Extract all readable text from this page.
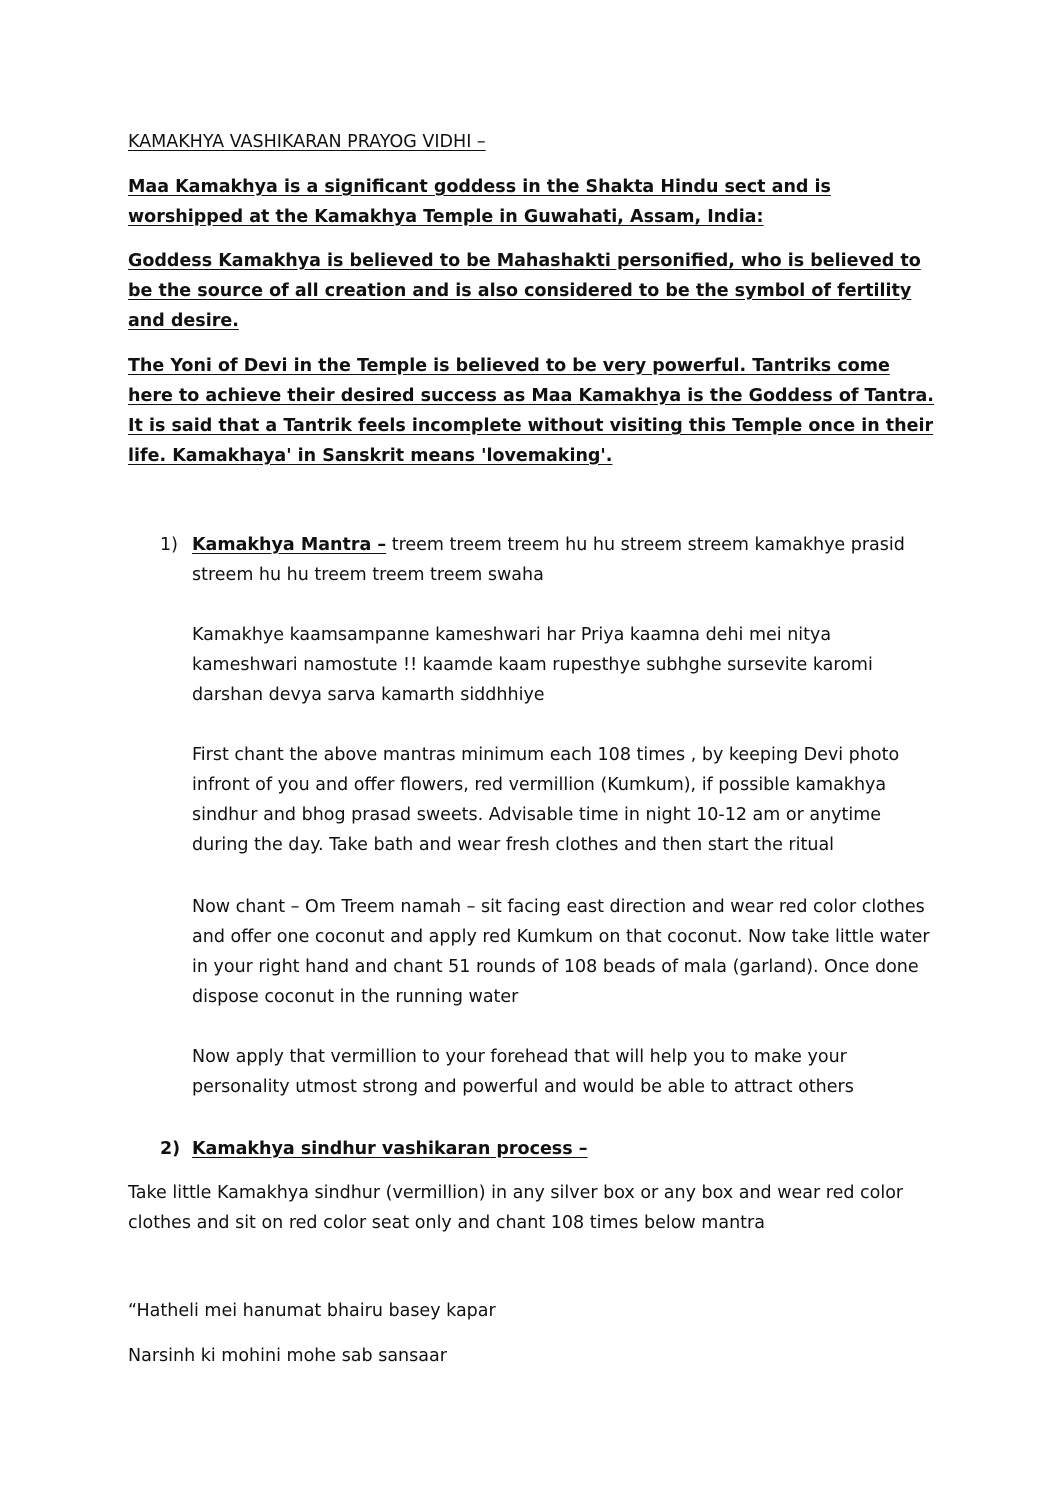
KAMAKHYA VASHIKARAN PRAYOG VIDHI –

Maa Kamakhya is a significant goddess in the Shakta Hindu sect and is worshipped at the Kamakhya Temple in Guwahati, Assam, India:

Goddess Kamakhya is believed to be Mahashakti personified, who is believed to be the source of all creation and is also considered to be the symbol of fertility and desire.

The Yoni of Devi in the Temple is believed to be very powerful. Tantriks come here to achieve their desired success as Maa Kamakhya is the Goddess of Tantra. It is said that a Tantrik feels incomplete without visiting this Temple once in their life. Kamakhaya' in Sanskrit means 'lovemaking'.

1) Kamakhya Mantra – treem treem treem hu hu streem streem kamakhye prasid streem hu hu treem treem treem swaha

Kamakhye kaamsampanne kameshwari har Priya kaamna dehi mei nitya kameshwari namostute !! kaamde kaam rupesthye subhghe sursevite karomi darshan devya sarva kamarth siddhhiye

First chant the above mantras minimum each 108 times , by keeping Devi photo infront of you and offer flowers, red vermillion (Kumkum), if possible kamakhya sindhur and bhog prasad sweets. Advisable time in night 10-12 am or anytime during the day. Take bath and wear fresh clothes and then start the ritual

Now chant – Om Treem namah – sit facing east direction and wear red color clothes and offer one coconut and apply red Kumkum on that coconut. Now take little water in your right hand and chant 51 rounds of 108 beads of mala (garland). Once done dispose coconut in the running water

Now apply that vermillion to your forehead that will help you to make your personality utmost strong and powerful and would be able to attract others

2) Kamakhya sindhur vashikaran process –

Take little Kamakhya sindhur (vermillion) in any silver box or any box and wear red color clothes and sit on red color seat only and chant 108 times below mantra

“Hatheli mei hanumat bhairu basey kapar

Narsinh ki mohini mohe sab sansaar
